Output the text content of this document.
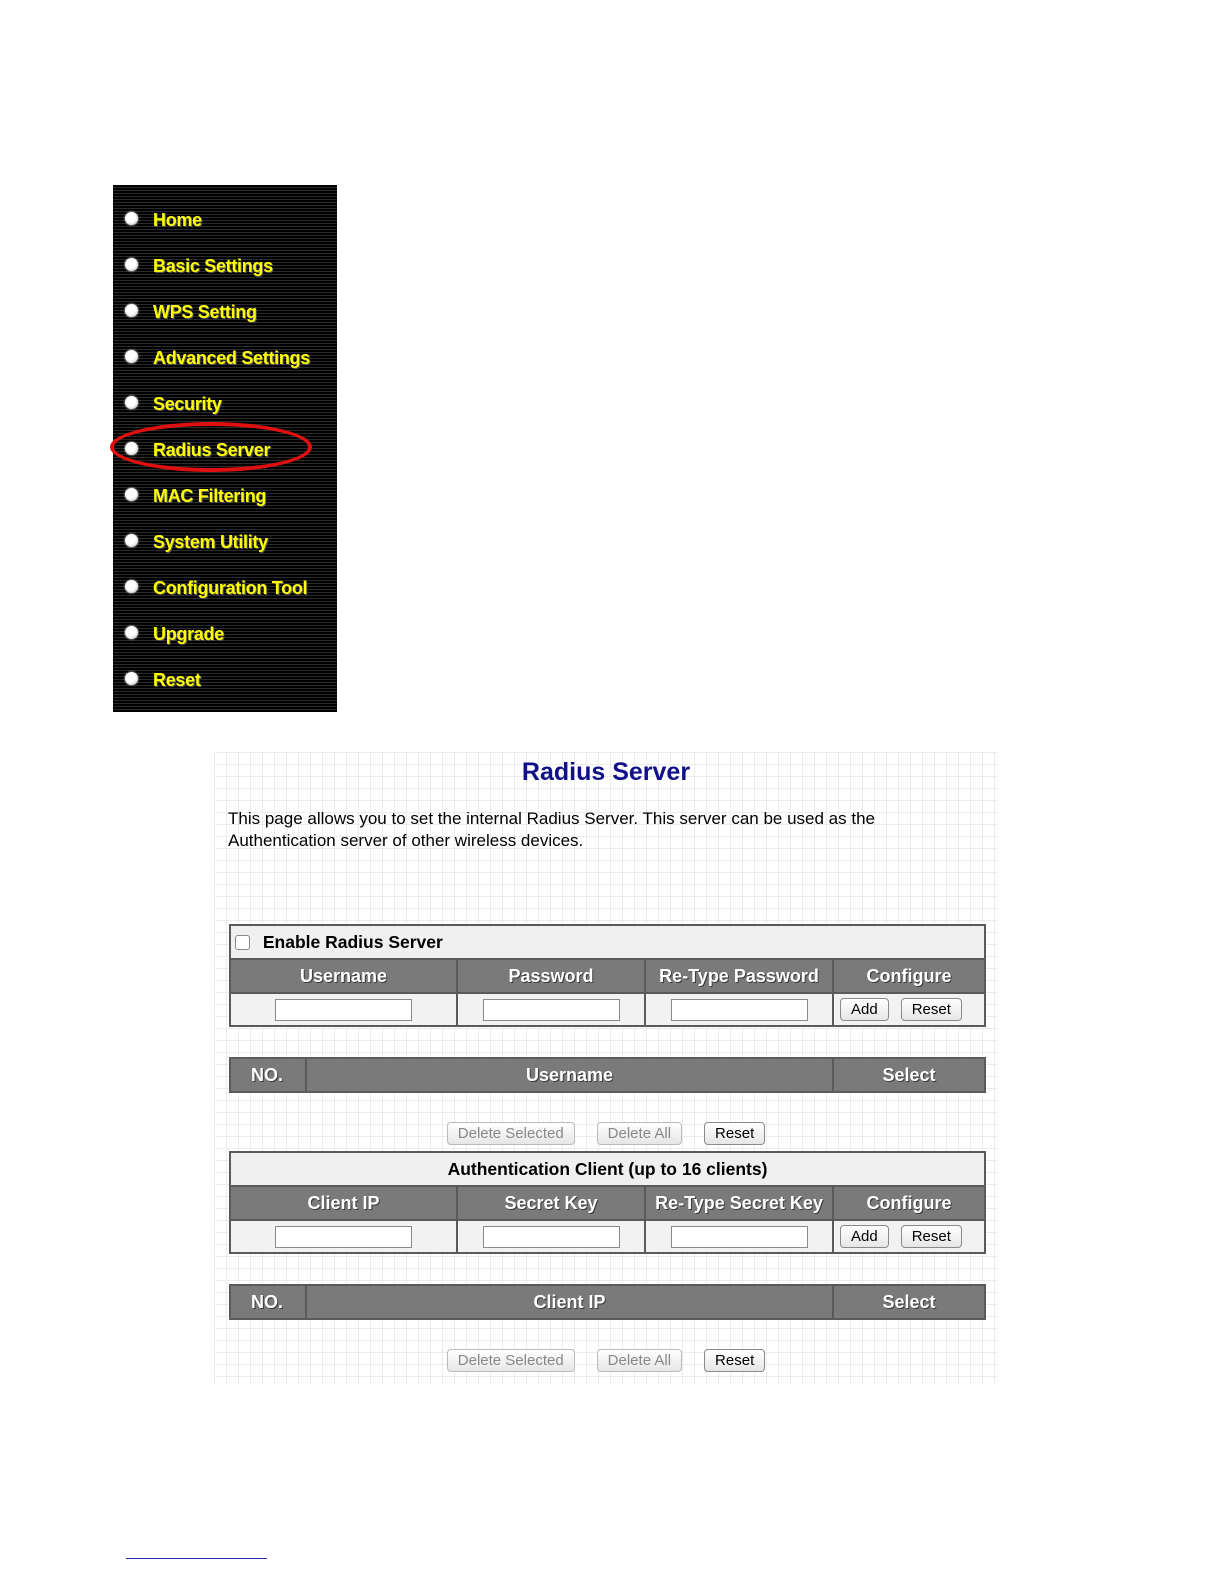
Home
Basic Settings
WPS Setting
Advanced Settings
Security
Radius Server
MAC Filtering
System Utility
Configuration Tool
Upgrade
Reset
Radius Server
This page allows you to set the internal Radius Server. This server can be used as the Authentication server of other wireless devices.
Enable Radius Server			
Username	Password	Re-Type Password	Configure
			Add Reset
NO.	Username	Select
Delete Selected	Delete All	Reset
Authentication Client (up to 16 clients)			
Client IP	Secret Key	Re-Type Secret Key	Configure
			Add Reset
NO.	Client IP	Select
Delete Selected	Delete All	Reset
